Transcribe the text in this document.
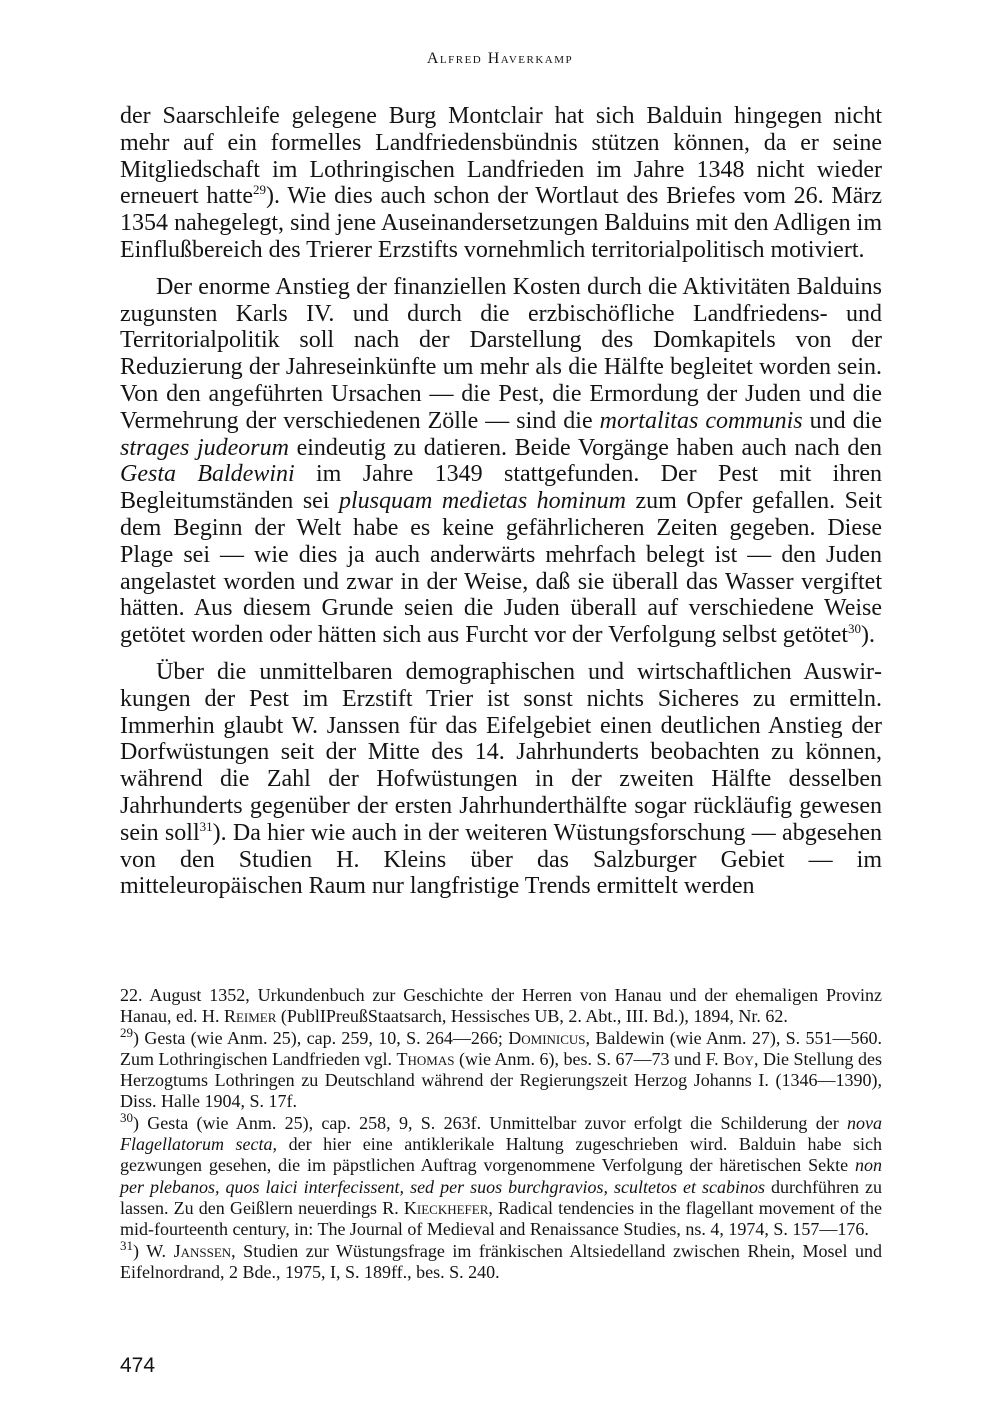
Alfred Haverkamp

der Saarschleife gelegene Burg Montclair hat sich Balduin hingegen nicht mehr auf ein formelles Landfriedensbündnis stützen können, da er seine Mitgliedschaft im Lothringischen Landfrieden im Jahre 1348 nicht wieder erneuert hatte$^{29}$). Wie dies auch schon der Wortlaut des Briefes vom 26. März 1354 nahegelegt, sind jene Auseinandersetzungen Balduins mit den Adligen im Einflußbereich des Trierer Erzstifts vornehmlich territorialpolitisch motiviert.

Der enorme Anstieg der finanziellen Kosten durch die Aktivitäten Balduins zugunsten Karls IV. und durch die erzbischöfliche Landfriedens- und Territorialpolitik soll nach der Darstellung des Domkapitels von der Reduzierung der Jahreseinkünfte um mehr als die Hälfte begleitet worden sein. Von den angeführten Ursachen — die Pest, die Ermordung der Juden und die Vermehrung der verschiedenen Zölle — sind die mortalitas communis und die strages judeorum eindeutig zu datieren. Beide Vorgänge haben auch nach den Gesta Baldewini im Jahre 1349 stattgefunden. Der Pest mit ihren Begleitumständen sei plusquam medietas hominum zum Opfer gefallen. Seit dem Beginn der Welt habe es keine gefährlicheren Zeiten gegeben. Diese Plage sei — wie dies ja auch anderwärts mehrfach belegt ist — den Juden angelastet worden und zwar in der Weise, daß sie überall das Wasser vergiftet hätten. Aus diesem Grunde seien die Juden überall auf verschiedene Weise getötet worden oder hätten sich aus Furcht vor der Verfolgung selbst getötet$^{30}$).

Über die unmittelbaren demographischen und wirtschaftlichen Auswirkungen der Pest im Erzstift Trier ist sonst nichts Sicheres zu ermitteln. Immerhin glaubt W. Janssen für das Eifelgebiet einen deutlichen Anstieg der Dorfwüstungen seit der Mitte des 14. Jahrhunderts beobachten zu können, während die Zahl der Hofwüstungen in der zweiten Hälfte desselben Jahrhunderts gegenüber der ersten Jahrhunderthälfte sogar rückläufig gewesen sein soll$^{31}$). Da hier wie auch in der weiteren Wüstungsforschung — abgesehen von den Studien H. Kleins über das Salzburger Gebiet — im mitteleuropäischen Raum nur langfristige Trends ermittelt werden

22. August 1352, Urkundenbuch zur Geschichte der Herren von Hanau und der ehemaligen Provinz Hanau, ed. H. Reimer (PublIPreußStaatsarch, Hessisches UB, 2. Abt., III. Bd.), 1894, Nr. 62.

$^{29}$) Gesta (wie Anm. 25), cap. 259, 10, S. 264—266; Dominicus, Baldewin (wie Anm. 27), S. 551—560. Zum Lothringischen Landfrieden vgl. Thomas (wie Anm. 6), bes. S. 67—73 und F. Boy, Die Stellung des Herzogtums Lothringen zu Deutschland während der Regierungszeit Herzog Johanns I. (1346—1390), Diss. Halle 1904, S. 17f.

$^{30}$) Gesta (wie Anm. 25), cap. 258, 9, S. 263f. Unmittelbar zuvor erfolgt die Schilderung der nova Flagellatorum secta, der hier eine antiklerikale Haltung zugeschrieben wird. Balduin habe sich gezwungen gesehen, die im päpstlichen Auftrag vorgenommene Verfolgung der häretischen Sekte non per plebanos, quos laici interfecissent, sed per suos burchgravios, scultetos et scabinos durchführen zu lassen. Zu den Geißlern neuerdings R. Kieckhefer, Radical tendencies in the flagellant movement of the mid-fourteenth century, in: The Journal of Medieval and Renaissance Studies, ns. 4, 1974, S. 157—176.

$^{31}$) W. Janssen, Studien zur Wüstungsfrage im fränkischen Altsiedelland zwischen Rhein, Mosel und Eifelnordrand, 2 Bde., 1975, I, S. 189ff., bes. S. 240.

474
